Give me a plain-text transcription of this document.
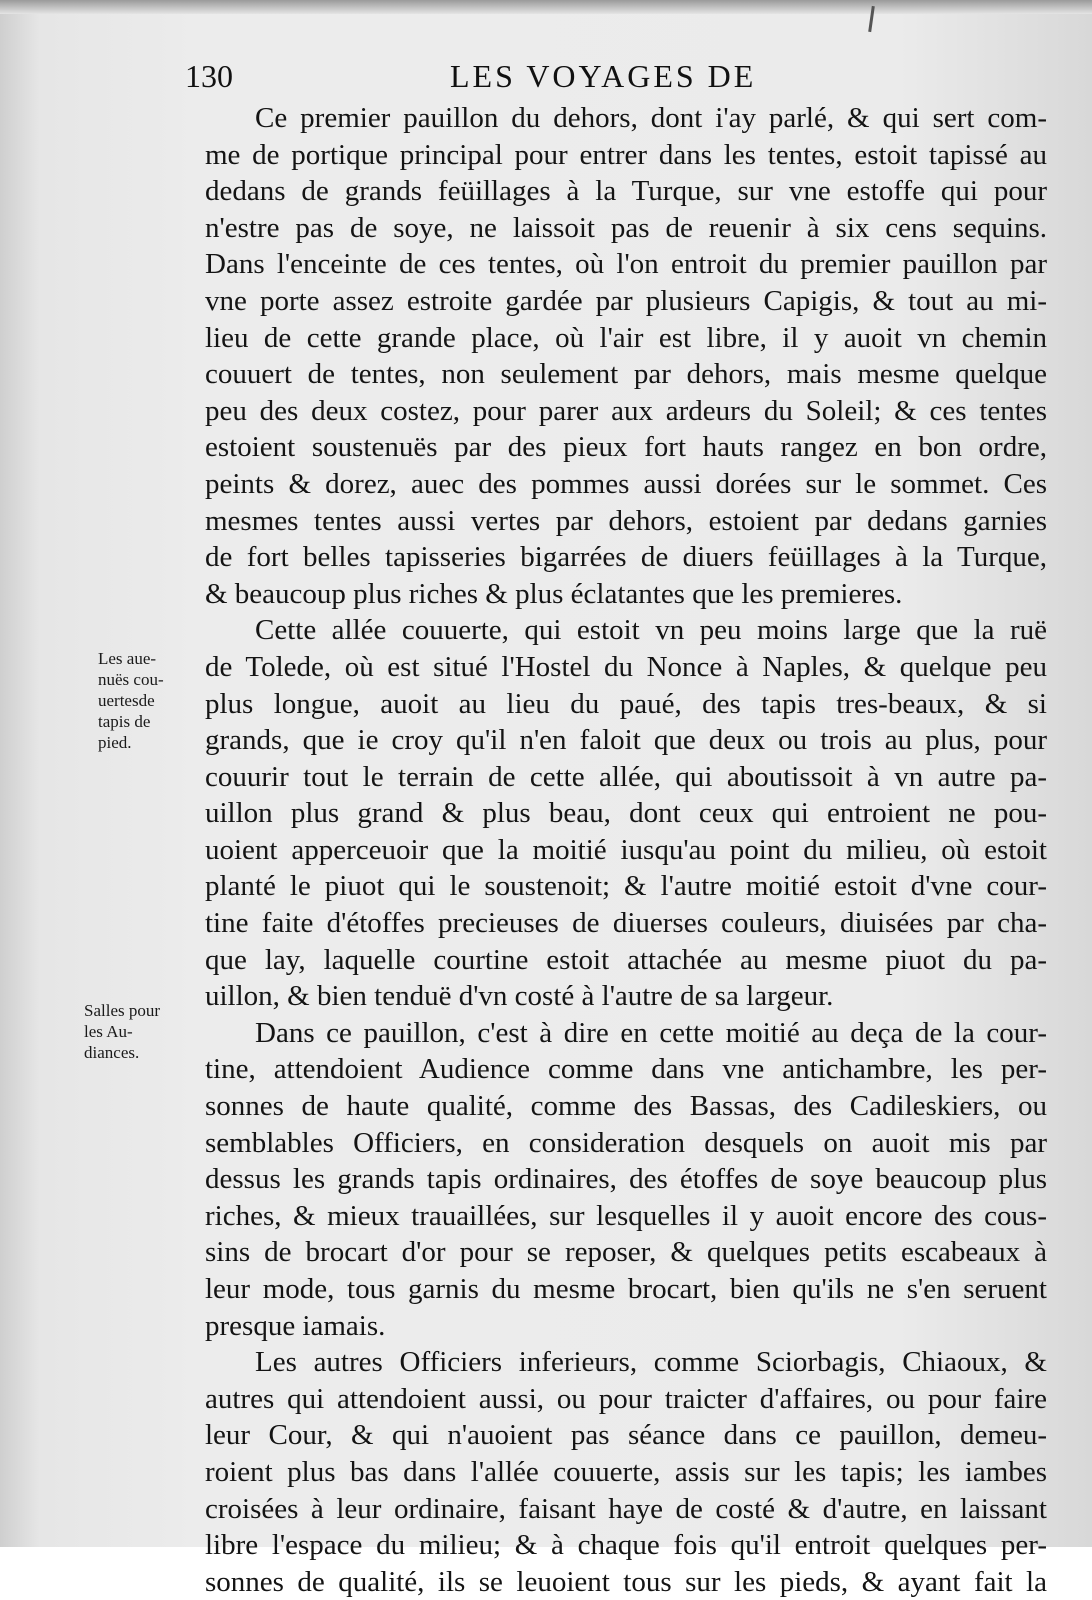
130	LES VOYAGES DE
Les aue-
nuës cou-
uertesde
tapis de
pied.
Salles pour
les Au-
diances.
Ce premier pauillon du dehors, dont i'ay parlé, & qui sert com-
me de portique principal pour entrer dans les tentes, estoit tapissé au
dedans de grands feüillages à la Turque, sur vne estoffe qui pour
n'estre pas de soye, ne laissoit pas de reuenir à six cens sequins.
Dans l'enceinte de ces tentes, où l'on entroit du premier pauillon par
vne porte assez estroite gardée par plusieurs Capigis, & tout au mi-
lieu de cette grande place, où l'air est libre, il y auoit vn chemin
couuert de tentes, non seulement par dehors, mais mesme quelque
peu des deux costez, pour parer aux ardeurs du Soleil; & ces tentes
estoient soustenuës par des pieux fort hauts rangez en bon ordre,
peints & dorez, auec des pommes aussi dorées sur le sommet. Ces
mesmes tentes aussi vertes par dehors, estoient par dedans garnies
de fort belles tapisseries bigarrées de diuers feüillages à la Turque,
& beaucoup plus riches & plus éclatantes que les premieres.
Cette allée couuerte, qui estoit vn peu moins large que la ruë
de Tolede, où est situé l'Hostel du Nonce à Naples, & quelque peu
plus longue, auoit au lieu du paué, des tapis tres-beaux, & si
grands, que ie croy qu'il n'en faloit que deux ou trois au plus, pour
couurir tout le terrain de cette allée, qui aboutissoit à vn autre pa-
uillon plus grand & plus beau, dont ceux qui entroient ne pou-
uoient apperceuoir que la moitié iusqu'au point du milieu, où estoit
planté le piuot qui le soustenoit; & l'autre moitié estoit d'vne cour-
tine faite d'étoffes precieuses de diuerses couleurs, diuisées par cha-
que lay, laquelle courtine estoit attachée au mesme piuot du pa-
uillon, & bien tenduë d'vn costé à l'autre de sa largeur.
Dans ce pauillon, c'est à dire en cette moitié au deça de la cour-
tine, attendoient Audience comme dans vne antichambre, les per-
sonnes de haute qualité, comme des Bassas, des Cadileskiers, ou
semblables Officiers, en consideration desquels on auoit mis par
dessus les grands tapis ordinaires, des étoffes de soye beaucoup plus
riches, & mieux trauaillées, sur lesquelles il y auoit encore des cous-
sins de brocart d'or pour se reposer, & quelques petits escabeaux à
leur mode, tous garnis du mesme brocart, bien qu'ils ne s'en seruent
presque iamais.
Les autres Officiers inferieurs, comme Sciorbagis, Chiaoux, &
autres qui attendoient aussi, ou pour traicter d'affaires, ou pour faire
leur Cour, & qui n'auoient pas séance dans ce pauillon, demeu-
roient plus bas dans l'allée couuerte, assis sur les tapis; les iambes
croisées à leur ordinaire, faisant haye de costé & d'autre, en laissant
libre l'espace du milieu; & à chaque fois qu'il entroit quelques per-
sonnes de qualité, ils se leuoient tous sur les pieds, & ayant fait la
